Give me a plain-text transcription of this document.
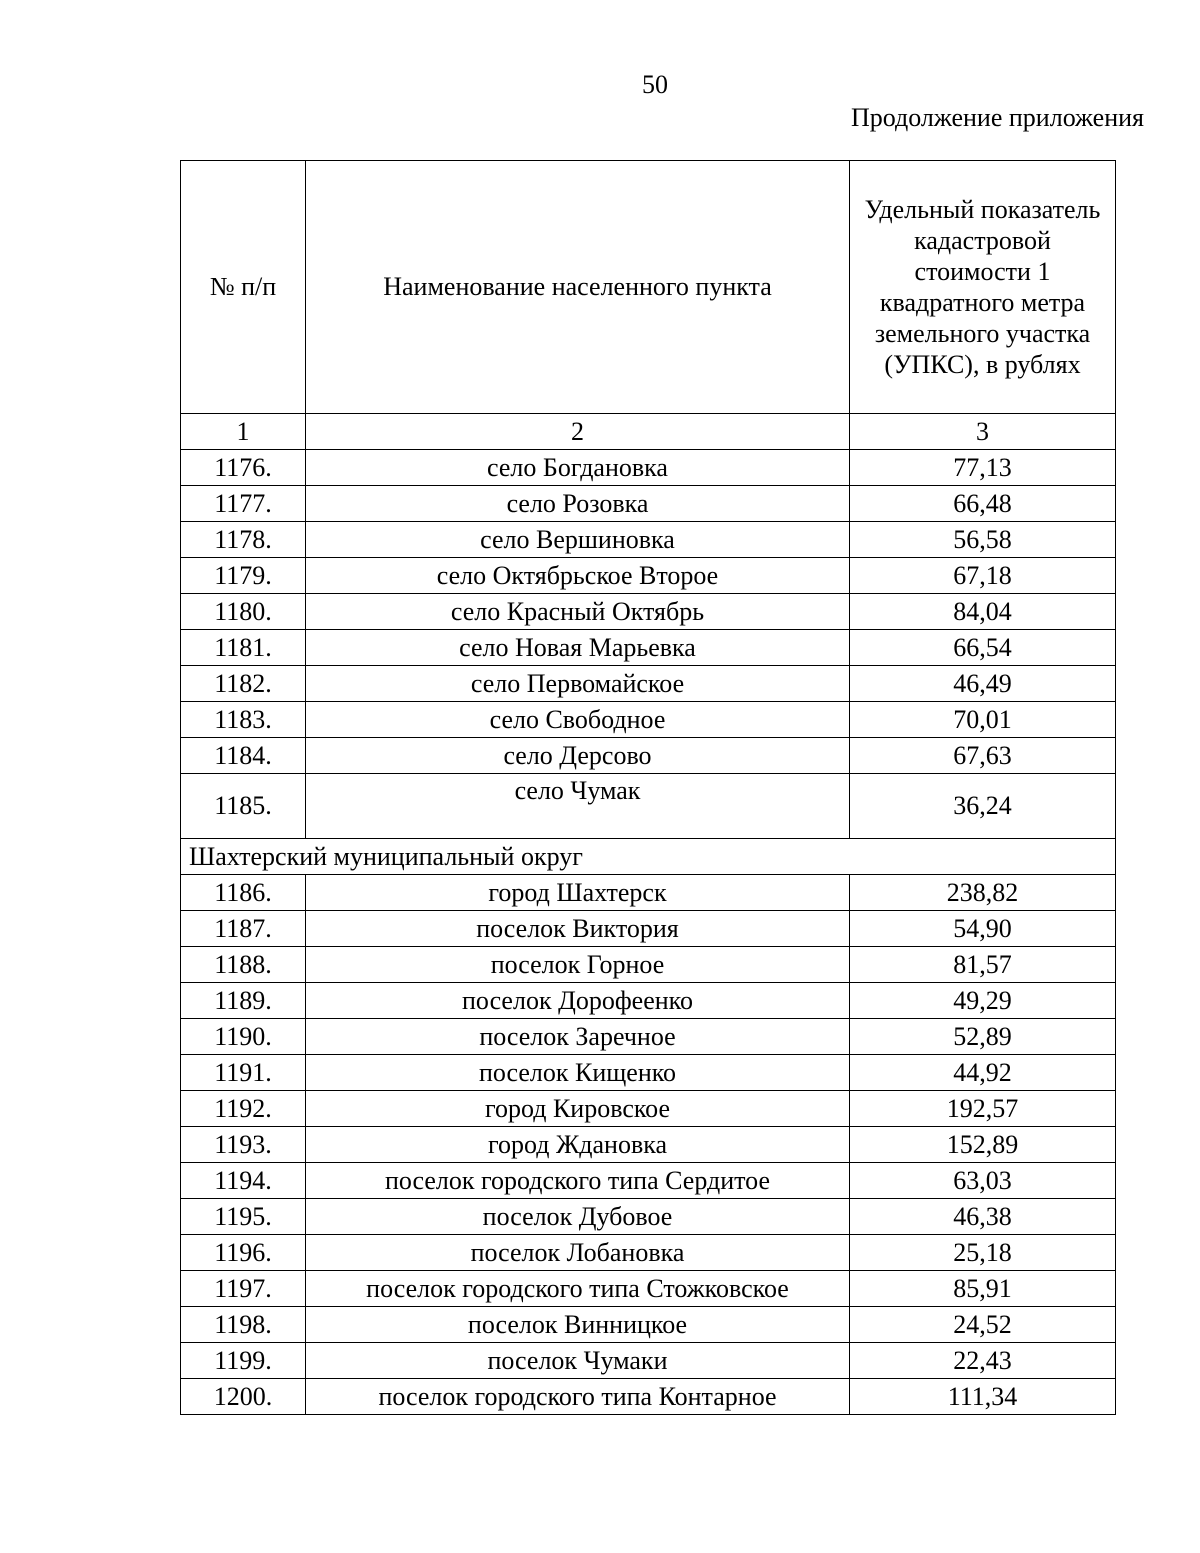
50
Продолжение приложения
№ п/п	Наименование населенного пункта	Удельный показатель кадастровой стоимости 1 квадратного метра земельного участка (УПКС), в рублях
1	2	3
1176.	село Богдановка	77,13
1177.	село Розовка	66,48
1178.	село Вершиновка	56,58
1179.	село Октябрьское Второе	67,18
1180.	село Красный Октябрь	84,04
1181.	село Новая Марьевка	66,54
1182.	село Первомайское	46,49
1183.	село Свободное	70,01
1184.	село Дерсово	67,63
1185.	село Чумак	36,24
Шахтерский муниципальный округ		
1186.	город Шахтерск	238,82
1187.	поселок Виктория	54,90
1188.	поселок Горное	81,57
1189.	поселок Дорофеенко	49,29
1190.	поселок Заречное	52,89
1191.	поселок Кищенко	44,92
1192.	город Кировское	192,57
1193.	город Ждановка	152,89
1194.	поселок городского типа Сердитое	63,03
1195.	поселок Дубовое	46,38
1196.	поселок Лобановка	25,18
1197.	поселок городского типа Стожковское	85,91
1198.	поселок Винницкое	24,52
1199.	поселок Чумаки	22,43
1200.	поселок городского типа Контарное	111,34
